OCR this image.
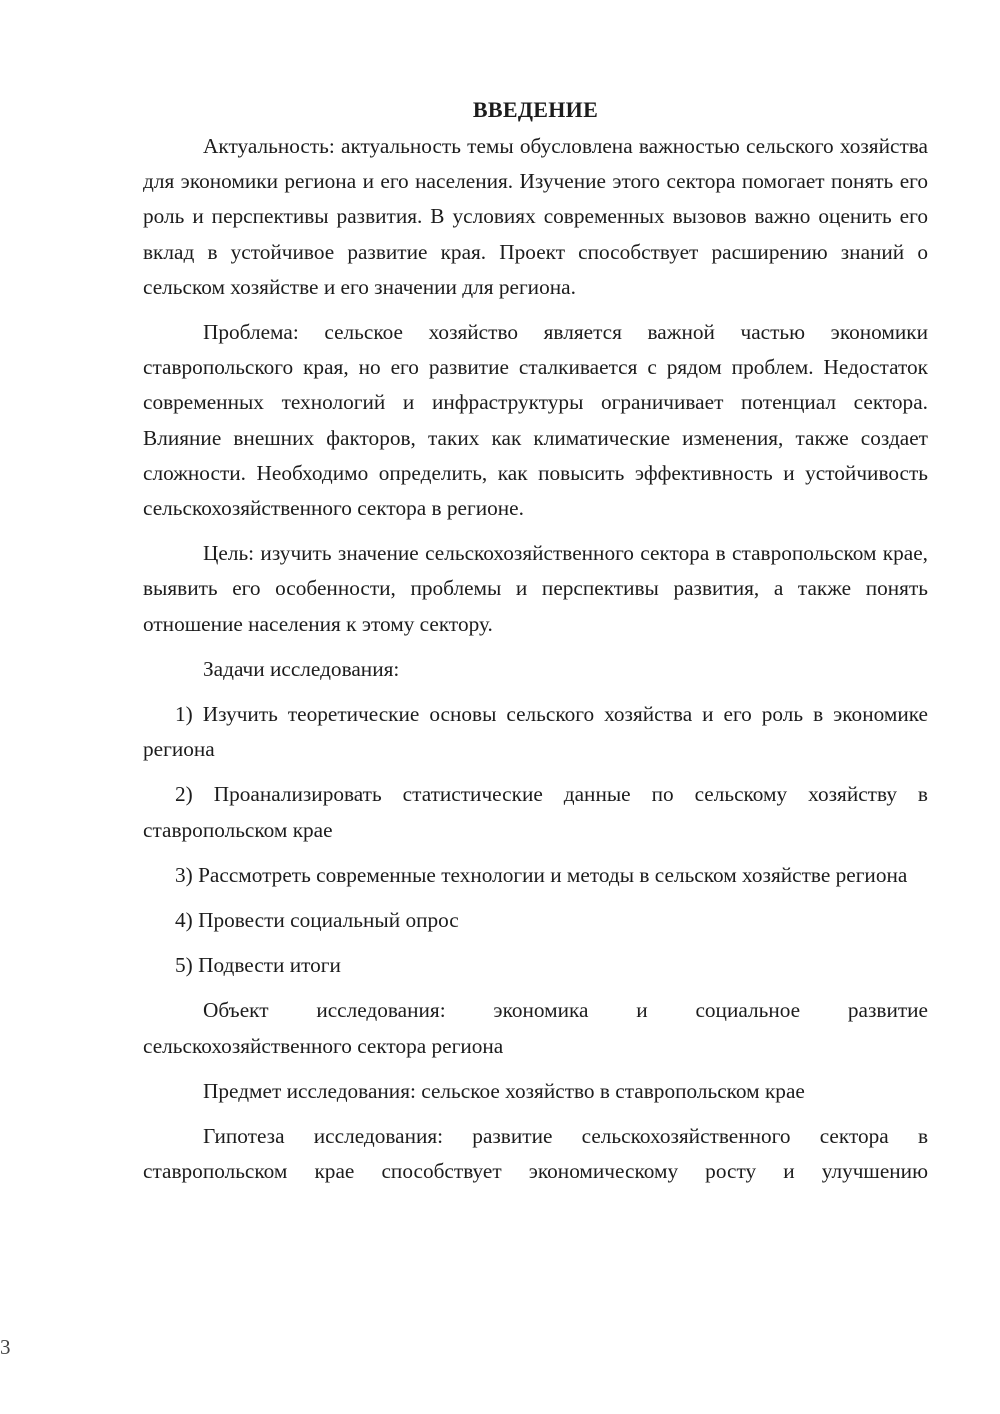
ВВЕДЕНИЕ

Актуальность: актуальность темы обусловлена важностью сельского хозяйства для экономики региона и его населения. Изучение этого сектора помогает понять его роль и перспективы развития. В условиях современных вызовов важно оценить его вклад в устойчивое развитие края. Проект способствует расширению знаний о сельском хозяйстве и его значении для региона.

Проблема: сельское хозяйство является важной частью экономики ставропольского края, но его развитие сталкивается с рядом проблем. Недостаток современных технологий и инфраструктуры ограничивает потенциал сектора. Влияние внешних факторов, таких как климатические изменения, также создает сложности. Необходимо определить, как повысить эффективность и устойчивость сельскохозяйственного сектора в регионе.

Цель: изучить значение сельскохозяйственного сектора в ставропольском крае, выявить его особенности, проблемы и перспективы развития, а также понять отношение населения к этому сектору.

Задачи исследования:

1) Изучить теоретические основы сельского хозяйства и его роль в экономике региона

2) Проанализировать статистические данные по сельскому хозяйству в ставропольском крае

3) Рассмотреть современные технологии и методы в сельском хозяйстве региона

4) Провести социальный опрос

5) Подвести итоги

Объект исследования: экономика и социальное развитие сельскохозяйственного сектора региона

Предмет исследования: сельское хозяйство в ставропольском крае

Гипотеза исследования: развитие сельскохозяйственного сектора в ставропольском крае способствует экономическому росту и улучшению

3
